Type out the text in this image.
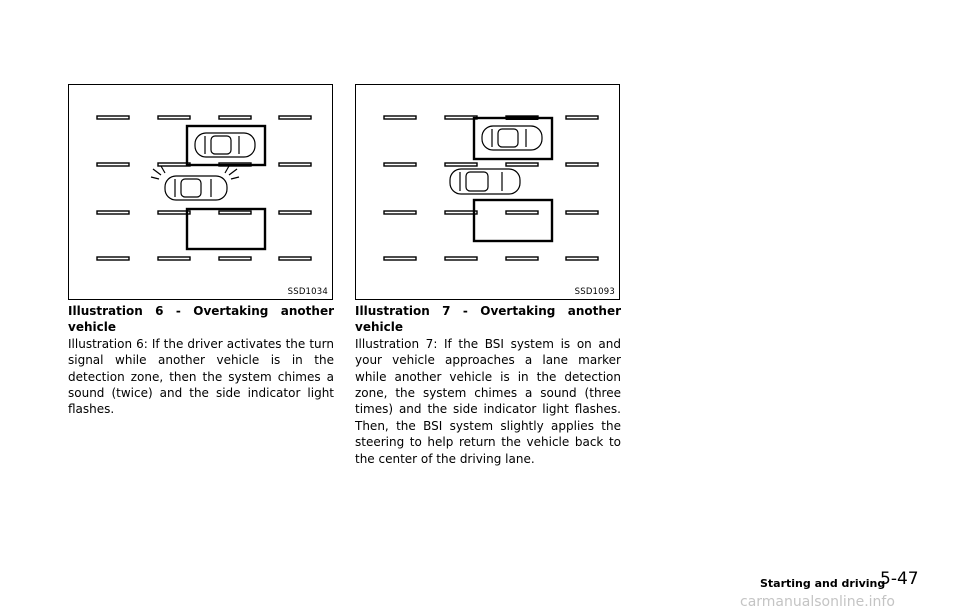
SSD1034	SSD1093
Illustration 6 - Overtaking another vehicle
Illustration 6: If the driver activates the turn signal while another vehicle is in the detection zone, then the system chimes a sound (twice) and the side indicator light flashes.
Illustration 7 - Overtaking another vehicle
Illustration 7: If the BSI system is on and your vehicle approaches a lane marker while another vehicle is in the detection zone, the system chimes a sound (three times) and the side indicator light flashes. Then, the BSI system slightly applies the steering to help return the vehicle back to the center of the driving lane.
Starting and driving
5-47
carmanualsonline.info
